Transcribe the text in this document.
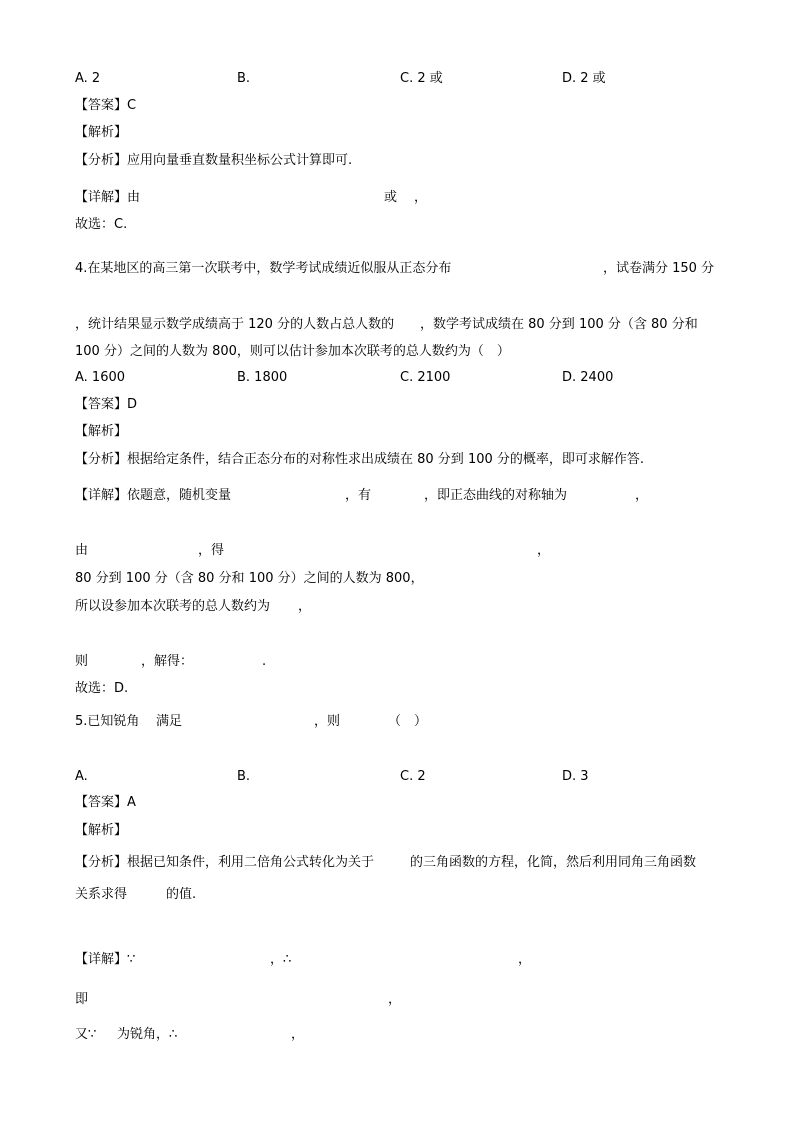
A. 2	B.	C. 2 或	D. 2 或
【答案】C
【解析】
【分析】应用向量垂直数量积坐标公式计算即可.
【详解】由	或 ，
故选：C.
4.在某地区的高三第一次联考中，数学考试成绩近似服从正态分布	，试卷满分 150 分
，统计结果显示数学成绩高于 120 分的人数占总人数的 ，数学考试成绩在 80 分到 100 分（含 80 分和
100 分）之间的人数为 800，则可以估计参加本次联考的总人数约为（　）
A. 1600	B. 1800	C. 2100	D. 2400
【答案】D
【解析】
【分析】根据给定条件，结合正态分布的对称性求出成绩在 80 分到 100 分的概率，即可求解作答.
【详解】依题意，随机变量	，有	，即正态曲线的对称轴为	，
由	，得	，
80 分到 100 分（含 80 分和 100 分）之间的人数为 800，
所以设参加本次联考的总人数约为 ，
则	，解得：	.
故选：D.
5.已知锐角 满足	，则	（　）
A.	B.	C. 2	D. 3
【答案】A
【解析】
【分析】根据已知条件，利用二倍角公式转化为关于	的三角函数的方程，化简，然后利用同角三角函数
关系求得	的值.
【详解】∵	，∴	，
即	，
又∵ 为锐角，∴	，
